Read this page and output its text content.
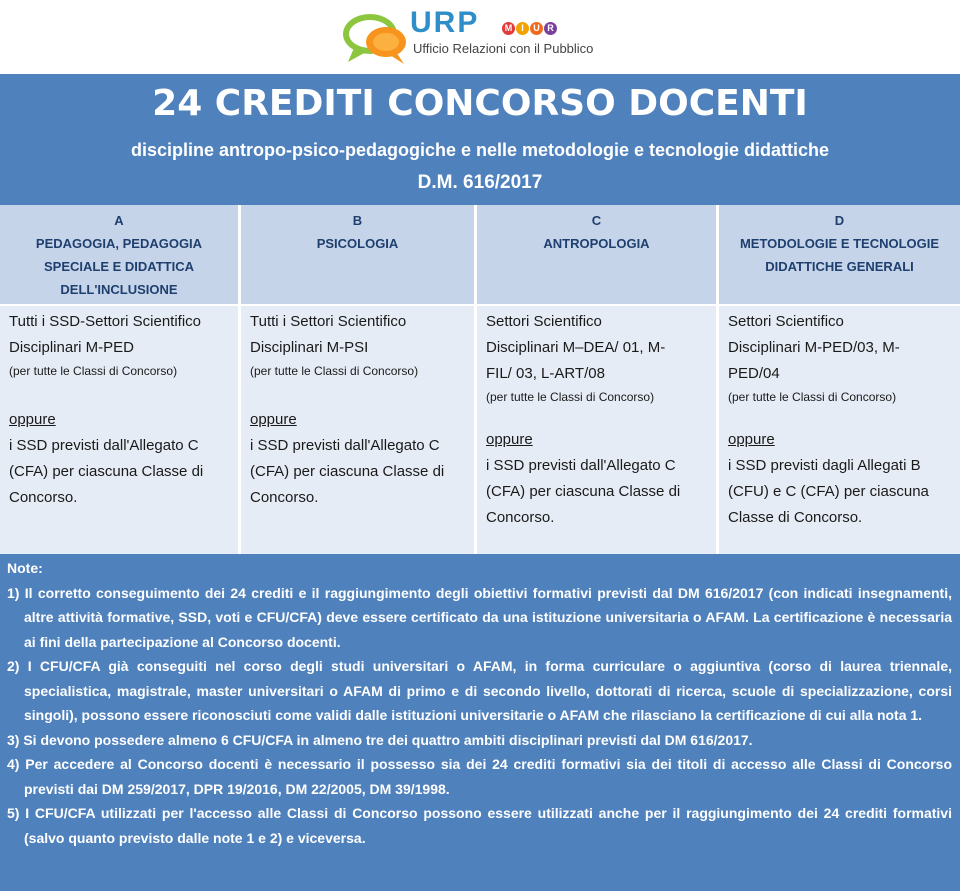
URP	M I	U R
Ufficio Relazioni con il Pubblico
24 CREDITI CONCORSO DOCENTI
discipline antropo-psico-pedagogiche e nelle metodologie e tecnologie didattiche
D.M. 616/2017
A
PEDAGOGIA, PEDAGOGIA
SPECIALE E DIDATTICA
DELL'INCLUSIONE
B
PSICOLOGIA
C
ANTROPOLOGIA
D
METODOLOGIE E TECNOLOGIE
DIDATTICHE GENERALI
Tutti i SSD-Settori Scientifico
Disciplinari M-PED
(per tutte le Classi di Concorso)
oppure
i SSD previsti dall'Allegato C
(CFA) per ciascuna Classe di
Concorso.
Tutti i Settori Scientifico
Disciplinari M-PSI
(per tutte le Classi di Concorso)
oppure
i SSD previsti dall'Allegato C
(CFA) per ciascuna Classe di
Concorso.
Settori Scientifico
Disciplinari M–DEA/ 01, M-
FIL/ 03, L-ART/08
(per tutte le Classi di Concorso)
oppure
i SSD previsti dall'Allegato C
(CFA) per ciascuna Classe di
Concorso.
Settori Scientifico
Disciplinari M-PED/03, M-
PED/04
(per tutte le Classi di Concorso)
oppure
i SSD previsti dagli Allegati B
(CFU) e C (CFA) per ciascuna
Classe di Concorso.
Note:
1) Il corretto conseguimento dei 24 crediti e il raggiungimento degli obiettivi formativi previsti dal DM 616/2017 (con indicati insegnamenti, altre attività formative, SSD, voti e CFU/CFA) deve essere certificato da una istituzione universitaria o AFAM. La certificazione è necessaria ai fini della partecipazione al Concorso docenti.
2) I CFU/CFA già conseguiti nel corso degli studi universitari o AFAM, in forma curriculare o aggiuntiva (corso di laurea triennale, specialistica, magistrale, master universitari o AFAM di primo e di secondo livello, dottorati di ricerca, scuole di specializzazione, corsi singoli), possono essere riconosciuti come validi dalle istituzioni universitarie o AFAM che rilasciano la certificazione di cui alla nota 1.
3) Si devono possedere almeno 6 CFU/CFA in almeno tre dei quattro ambiti disciplinari previsti dal DM 616/2017.
4) Per accedere al Concorso docenti è necessario il possesso sia dei 24 crediti formativi sia dei titoli di accesso alle Classi di Concorso previsti dai DM 259/2017, DPR 19/2016, DM 22/2005, DM 39/1998.
5) I CFU/CFA utilizzati per l'accesso alle Classi di Concorso possono essere utilizzati anche per il raggiungimento dei 24 crediti formativi (salvo quanto previsto dalle note 1 e 2) e viceversa.
